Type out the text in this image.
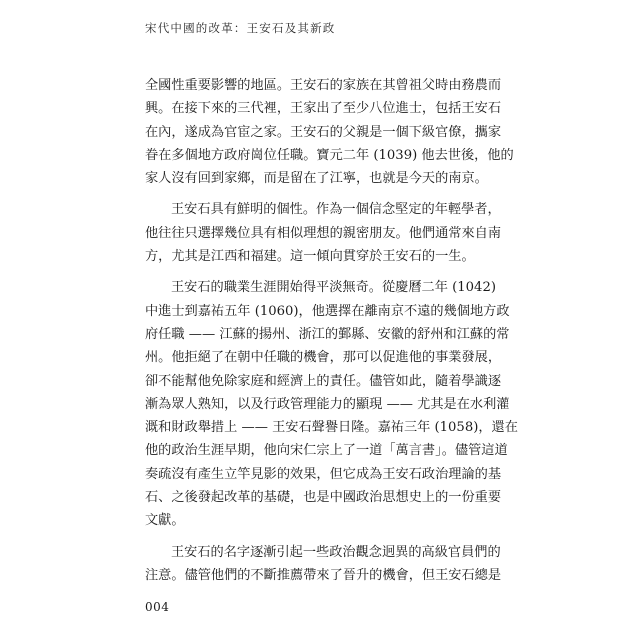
宋代中國的改革：王安石及其新政
全國性重要影響的地區。王安石的家族在其曾祖父時由務農而
興。在接下來的三代裡，王家出了至少八位進士，包括王安石
在內，遂成為官宦之家。王安石的父親是一個下級官僚，攜家
眷在多個地方政府崗位任職。寶元二年 (1039) 他去世後，他的
家人沒有回到家鄉，而是留在了江寧，也就是今天的南京。
王安石具有鮮明的個性。作為一個信念堅定的年輕學者，
他往往只選擇幾位具有相似理想的親密朋友。他們通常來自南
方，尤其是江西和福建。這一傾向貫穿於王安石的一生。
王安石的職業生涯開始得平淡無奇。從慶曆二年 (1042)
中進士到嘉祐五年 (1060)，他選擇在離南京不遠的幾個地方政
府任職 —— 江蘇的揚州、浙江的鄞縣、安徽的舒州和江蘇的常
州。他拒絕了在朝中任職的機會，那可以促進他的事業發展，
卻不能幫他免除家庭和經濟上的責任。儘管如此，隨着學識逐
漸為眾人熟知，以及行政管理能力的顯現 —— 尤其是在水利灌
溉和財政舉措上 —— 王安石聲譽日隆。嘉祐三年 (1058)，還在
他的政治生涯早期，他向宋仁宗上了一道「萬言書」。儘管這道
奏疏沒有產生立竿見影的效果，但它成為王安石政治理論的基
石、之後發起改革的基礎，也是中國政治思想史上的一份重要
文獻。
王安石的名字逐漸引起一些政治觀念迥異的高級官員們的
注意。儘管他們的不斷推薦帶來了晉升的機會，但王安石總是
004
